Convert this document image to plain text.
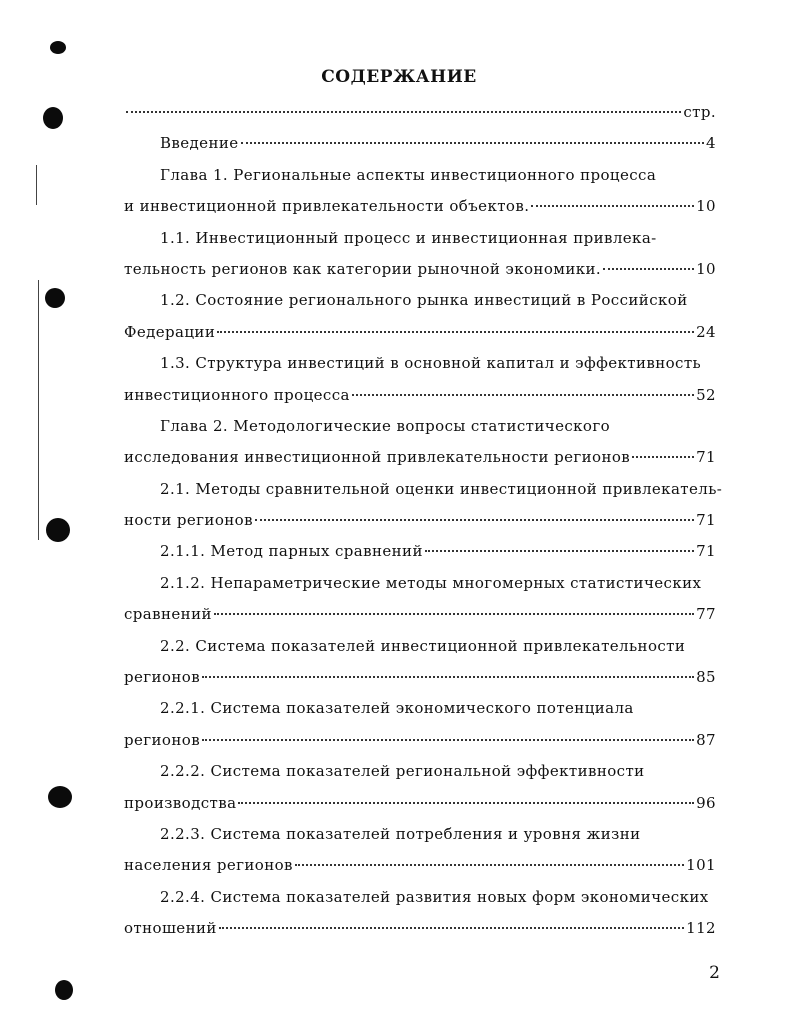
СОДЕРЖАНИЕ
стр.
Введение	4
Глава 1. Региональные аспекты инвестиционного процесса
и инвестиционной привлекательности объектов.	10
1.1. Инвестиционный процесс и инвестиционная привлека-
тельность регионов как категории рыночной экономики.	10
1.2. Состояние регионального рынка инвестиций в Российской
Федерации	24
1.3. Структура инвестиций в основной капитал и эффективность
инвестиционного процесса	52
Глава 2. Методологические вопросы статистического
исследования инвестиционной привлекательности регионов	71
2.1. Методы сравнительной оценки инвестиционной привлекатель-
ности регионов	71
2.1.1. Метод парных сравнений	71
2.1.2. Непараметрические методы многомерных статистических
сравнений	77
2.2. Система показателей инвестиционной привлекательности
регионов	85
2.2.1. Система показателей экономического потенциала
регионов	87
2.2.2. Система показателей региональной эффективности
производства	96
2.2.3. Система показателей потребления и уровня жизни
населения регионов	101
2.2.4. Система показателей развития новых форм экономических
отношений	112
2
